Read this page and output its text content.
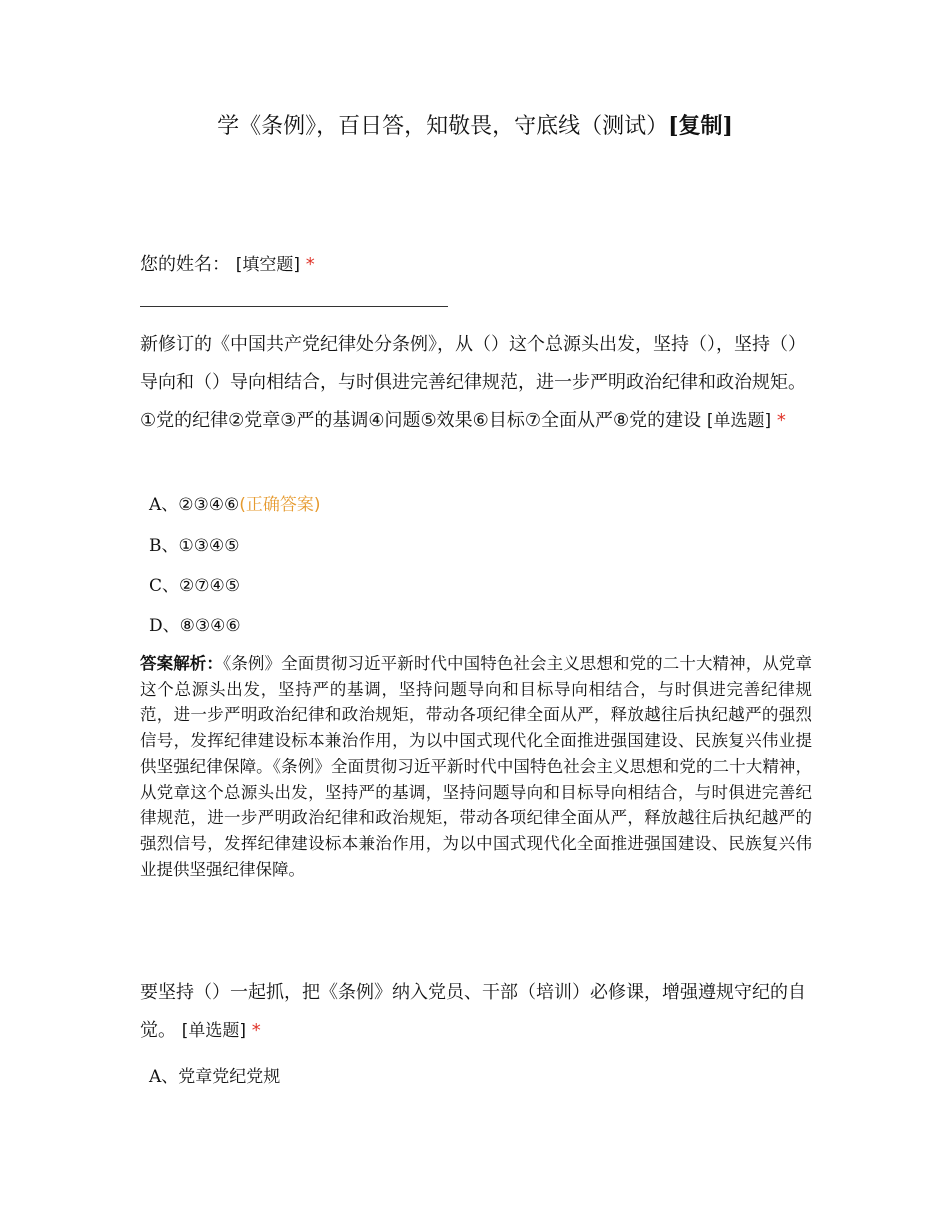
学《条例》，百日答，知敬畏，守底线（测试）[复制]
您的姓名： [填空题] *
新修订的《中国共产党纪律处分条例》，从（）这个总源头出发，坚持（），坚持（）导向和（）导向相结合，与时俱进完善纪律规范，进一步严明政治纪律和政治规矩。①党的纪律②党章③严的基调④问题⑤效果⑥目标⑦全面从严⑧党的建设 [单选题] *
A、②③④⑥(正确答案)
B、①③④⑤
C、②⑦④⑤
D、⑧③④⑥
答案解析：《条例》全面贯彻习近平新时代中国特色社会主义思想和党的二十大精神，从党章这个总源头出发，坚持严的基调，坚持问题导向和目标导向相结合，与时俱进完善纪律规范，进一步严明政治纪律和政治规矩，带动各项纪律全面从严，释放越往后执纪越严的强烈信号，发挥纪律建设标本兼治作用，为以中国式现代化全面推进强国建设、民族复兴伟业提供坚强纪律保障。《条例》全面贯彻习近平新时代中国特色社会主义思想和党的二十大精神，从党章这个总源头出发，坚持严的基调，坚持问题导向和目标导向相结合，与时俱进完善纪律规范，进一步严明政治纪律和政治规矩，带动各项纪律全面从严，释放越往后执纪越严的强烈信号，发挥纪律建设标本兼治作用，为以中国式现代化全面推进强国建设、民族复兴伟业提供坚强纪律保障。
要坚持（）一起抓，把《条例》纳入党员、干部（培训）必修课，增强遵规守纪的自觉。 [单选题] *
A、党章党纪党规
